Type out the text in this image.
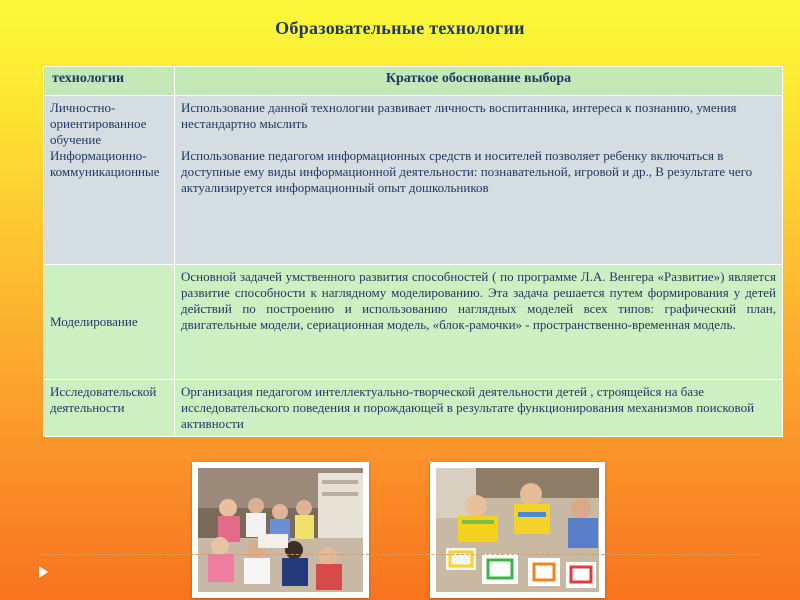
Образовательные технологии
технологии	Краткое обоснование выбора
Личностно-ориентированное обучение Информационно-коммуникационные	Использование данной технологии развивает личность воспитанника, интереса к познанию, умения нестандартно мыслить
Использование педагогом информационных средств и носителей позволяет ребенку включаться в доступные ему виды информационной деятельности: познавательной, игровой и др., В результате чего актуализируется информационный опыт дошкольников

Моделирование	Основной задачей умственного развития способностей ( по программе Л.А. Венгера «Развитие») является развитие способности к наглядному моделированию. Эта задача решается путем формирования у детей действий по построению и использованию наглядных моделей всех типов: графический план, двигательные модели, сериационная модель, «блок-рамочки» - пространственно-временная модель.

Исследовательской деятельности	Организация педагогом интеллектуально-творческой деятельности детей , строящейся на базе исследовательского поведения и порождающей в результате функционирования механизмов поисковой активности
